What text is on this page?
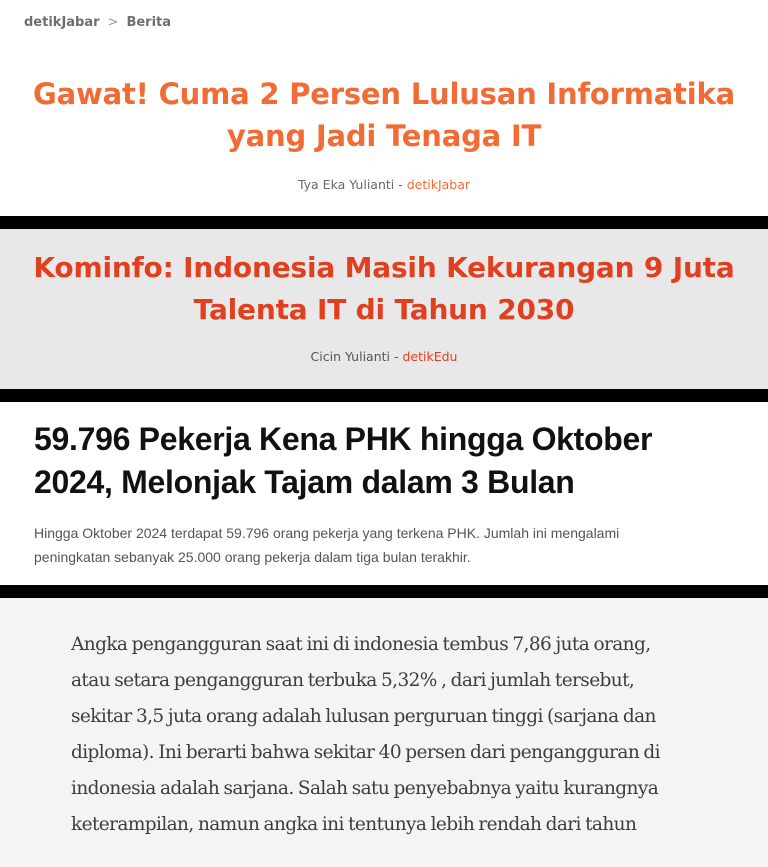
detikJabar > Berita
Gawat! Cuma 2 Persen Lulusan Informatika
yang Jadi Tenaga IT
Tya Eka Yulianti - detikJabar
Kominfo: Indonesia Masih Kekurangan 9 Juta
Talenta IT di Tahun 2030
Cicin Yulianti - detikEdu
59.796 Pekerja Kena PHK hingga Oktober
2024, Melonjak Tajam dalam 3 Bulan

Hingga Oktober 2024 terdapat 59.796 orang pekerja yang terkena PHK. Jumlah ini mengalami
peningkatan sebanyak 25.000 orang pekerja dalam tiga bulan terakhir.

Angka pengangguran saat ini di indonesia tembus 7,86 juta orang,

atau setara pengangguran terbuka 5,32% , dari jumlah tersebut,

sekitar 3,5 juta orang adalah lulusan perguruan tinggi (sarjana dan

diploma). Ini berarti bahwa sekitar 40 persen dari pengangguran di

indonesia adalah sarjana. Salah satu penyebabnya yaitu kurangnya

keterampilan, namun angka ini tentunya lebih rendah dari tahun
